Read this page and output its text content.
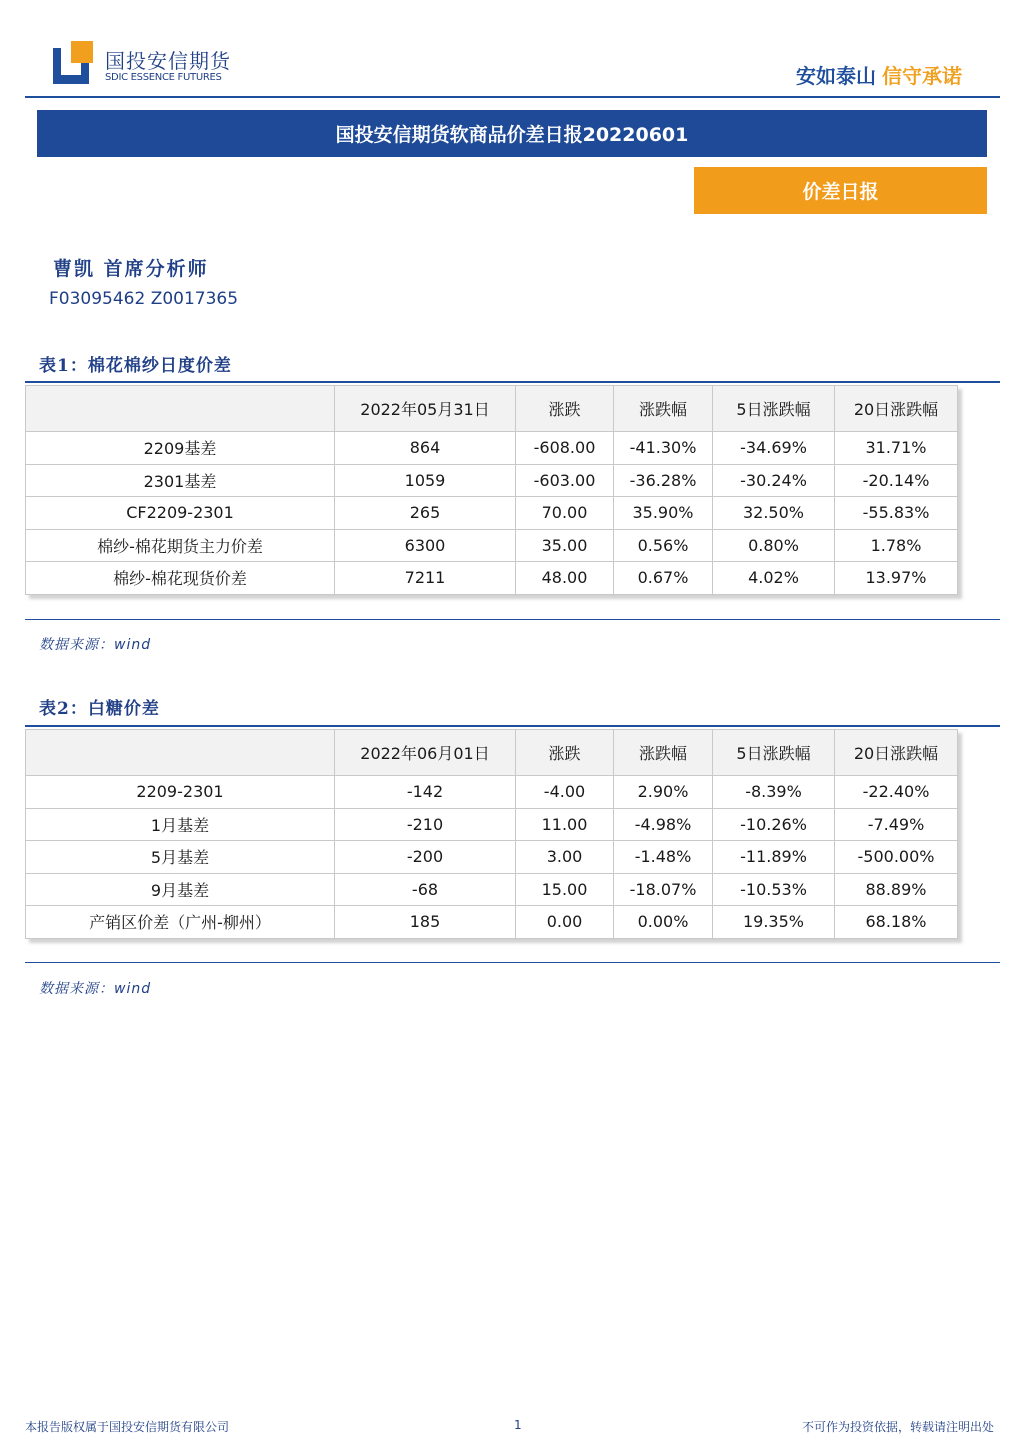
国投安信期货
SDIC ESSENCE FUTURES	安如泰山 信守承诺
国投安信期货软商品价差日报20220601
价差日报
曹凯 首席分析师
F03095462 Z0017365
表1：棉花棉纱日度价差
	2022年05月31日	涨跌	涨跌幅	5日涨跌幅	20日涨跌幅
2209基差	864	-608.00	-41.30%	-34.69%	31.71%
2301基差	1059	-603.00	-36.28%	-30.24%	-20.14%
CF2209-2301	265	70.00	35.90%	32.50%	-55.83%
棉纱-棉花期货主力价差	6300	35.00	0.56%	0.80%	1.78%
棉纱-棉花现货价差	7211	48.00	0.67%	4.02%	13.97%
数据来源：wind
表2：白糖价差
	2022年06月01日	涨跌	涨跌幅	5日涨跌幅	20日涨跌幅
2209-2301	-142	-4.00	2.90%	-8.39%	-22.40%
1月基差	-210	11.00	-4.98%	-10.26%	-7.49%
5月基差	-200	3.00	-1.48%	-11.89%	-500.00%
9月基差	-68	15.00	-18.07%	-10.53%	88.89%
产销区价差（广州-柳州）	185	0.00	0.00%	19.35%	68.18%
数据来源：wind
本报告版权属于国投安信期货有限公司	1	不可作为投资依据，转载请注明出处
